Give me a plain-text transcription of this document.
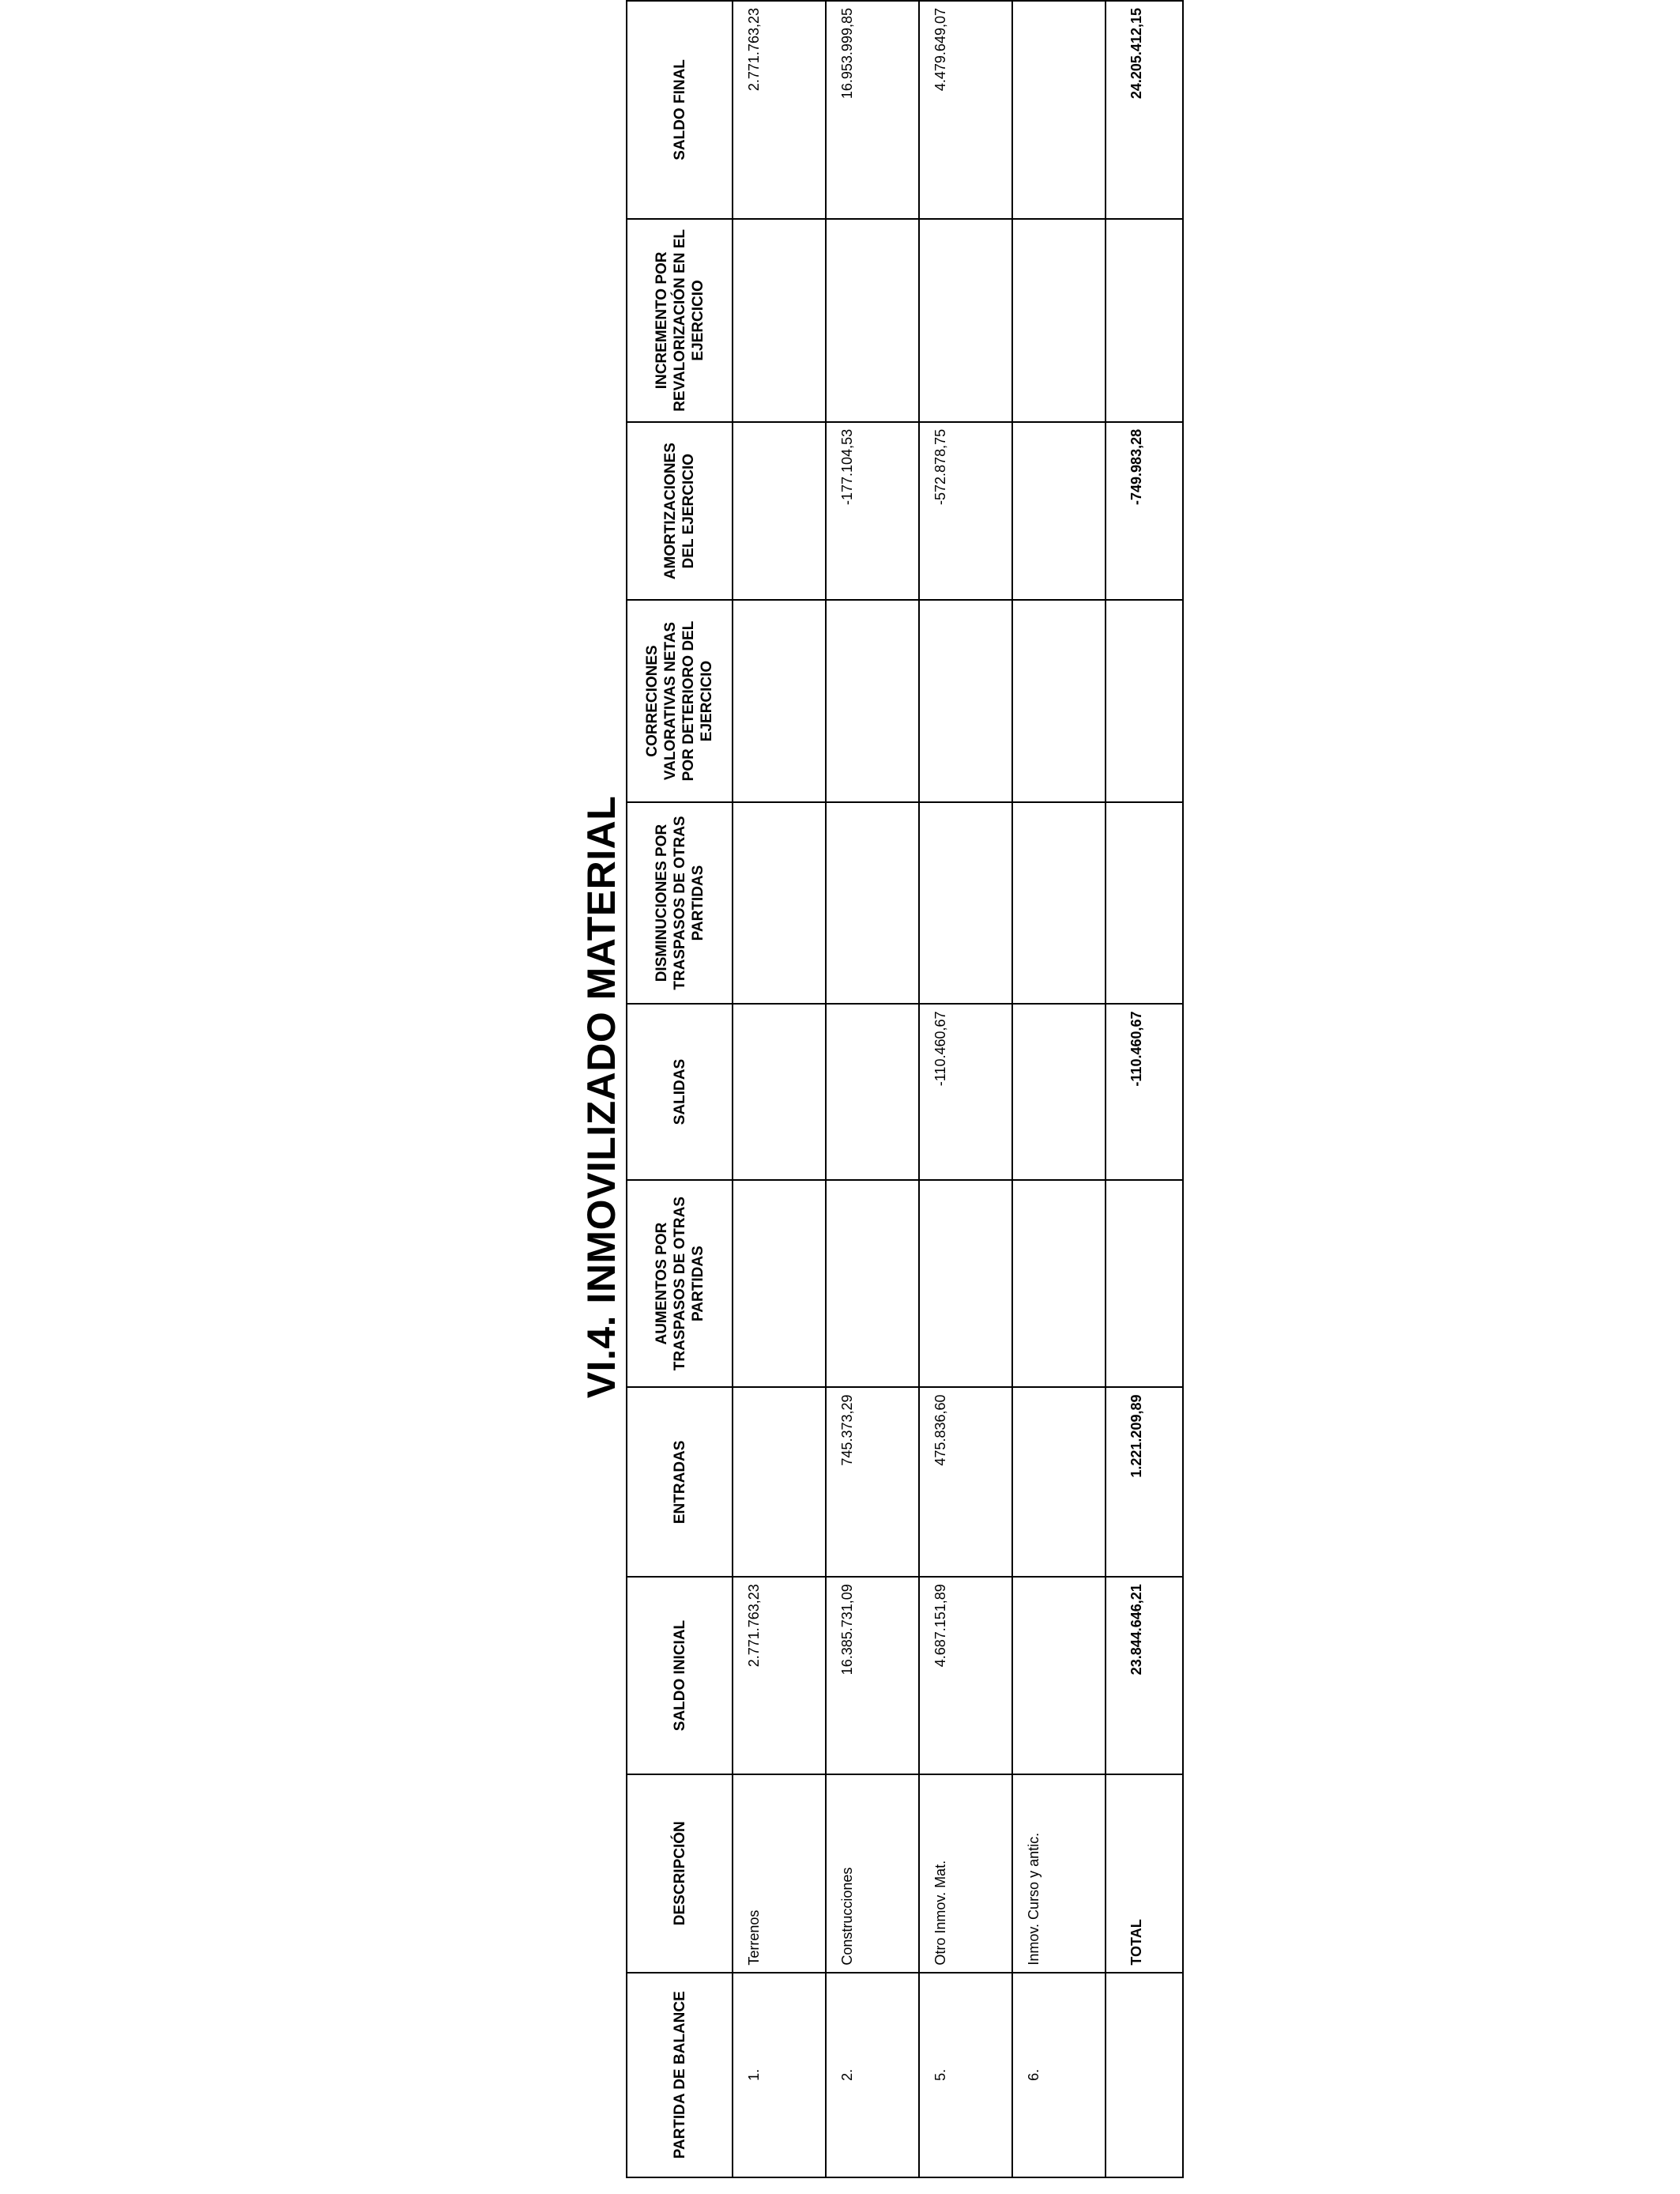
VI.4. INMOVILIZADO MATERIAL
PARTIDA DE BALANCE	DESCRIPCIÓN	SALDO INICIAL	ENTRADAS	AUMENTOS POR TRASPASOS DE OTRAS PARTIDAS	SALIDAS	DISMINUCIONES POR TRASPASOS DE OTRAS PARTIDAS	CORRECIONES VALORATIVAS NETAS POR DETERIORO DEL EJERCICIO	AMORTIZACIONES DEL EJERCICIO	INCREMENTO POR REVALORIZACIÓN EN EL EJERCICIO	SALDO FINAL
1.	Terrenos	2.771.763,23								2.771.763,23
2.	Construcciones	16.385.731,09	745.373,29					-177.104,53		16.953.999,85
5.	Otro Inmov. Mat.	4.687.151,89	475.836,60		-110.460,67			-572.878,75		4.479.649,07
6.	Inmov. Curso y antic.									
	TOTAL	23.844.646,21	1.221.209,89		-110.460,67			-749.983,28		24.205.412,15
